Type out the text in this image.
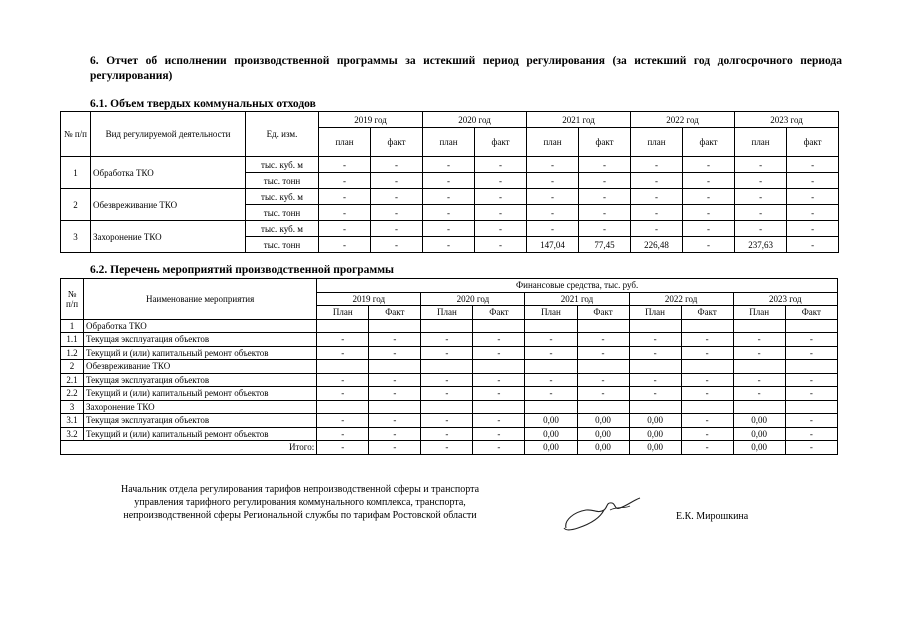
6. Отчет об исполнении производственной программы за истекший период регулирования (за истекший год долгосрочного периода регулирования)
6.1. Объем твердых коммунальных отходов
№ п/п	Вид регулируемой деятельности	Ед. изм.	2019 год		2020 год		2021 год		2022 год		2023 год	
			план	факт	план	факт	план	факт	план	факт	план	факт
1	Обработка ТКО	тыс. куб. м	-	-	-	-	-	-	-	-	-	-
		тыс. тонн	-	-	-	-	-	-	-	-	-	-
2	Обезвреживание ТКО	тыс. куб. м	-	-	-	-	-	-	-	-	-	-
		тыс. тонн	-	-	-	-	-	-	-	-	-	-
3	Захоронение ТКО	тыс. куб. м	-	-	-	-	-	-	-	-	-	-
		тыс. тонн	-	-	-	-	147,04	77,45	226,48	-	237,63	-
6.2. Перечень мероприятий производственной программы
№ п/п	Наименование мероприятия	Финансовые средства, тыс. руб.									
		2019 год		2020 год		2021 год		2022 год		2023 год	
		План	Факт	План	Факт	План	Факт	План	Факт	План	Факт
1	Обработка ТКО										
1.1	Текущая эксплуатация объектов	-	-	-	-	-	-	-	-	-	-
1.2	Текущий и (или) капитальный ремонт объектов	-	-	-	-	-	-	-	-	-	-
2	Обезвреживание ТКО										
2.1	Текущая эксплуатация объектов	-	-	-	-	-	-	-	-	-	-
2.2	Текущий и (или) капитальный ремонт объектов	-	-	-	-	-	-	-	-	-	-
3	Захоронение ТКО										
3.1	Текущая эксплуатация объектов	-	-	-	-	0,00	0,00	0,00	-	0,00	-
3.2	Текущий и (или) капитальный ремонт объектов	-	-	-	-	0,00	0,00	0,00	-	0,00	-
Итого:		-	-	-	-	0,00	0,00	0,00	-	0,00	-
Начальник отдела регулирования тарифов непроизводственной сферы и транспорта
управления тарифного регулирования коммунального комплекса, транспорта,
непроизводственной сферы Региональной службы по тарифам Ростовской области	Е.К. Мирошкина
